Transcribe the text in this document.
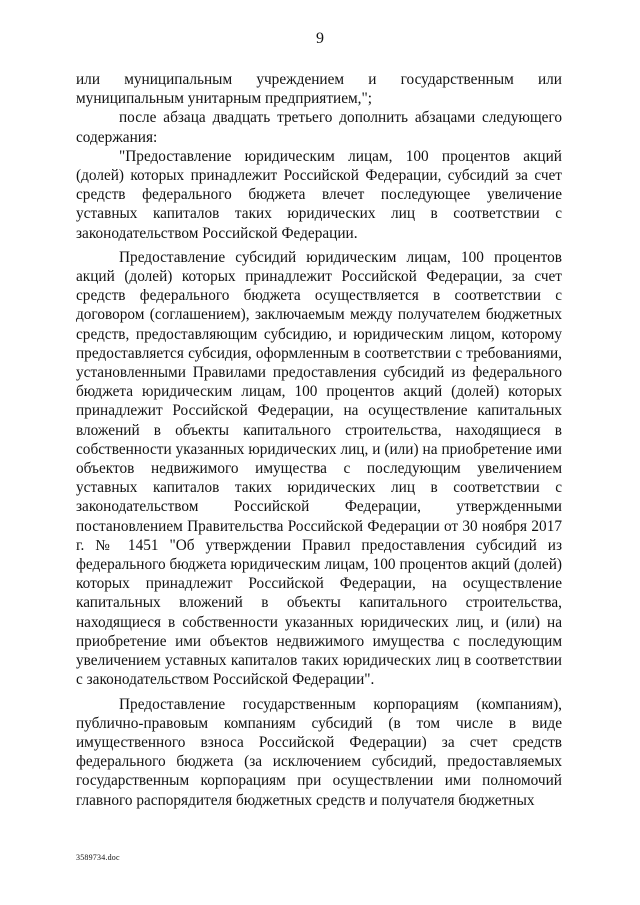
9

или муниципальным учреждением и государственным или муниципальным унитарным предприятием,";

после абзаца двадцать третьего дополнить абзацами следующего содержания:

"Предоставление юридическим лицам, 100 процентов акций (долей) которых принадлежит Российской Федерации, субсидий за счет средств федерального бюджета влечет последующее увеличение уставных капиталов таких юридических лиц в соответствии с законодательством Российской Федерации.

Предоставление субсидий юридическим лицам, 100 процентов акций (долей) которых принадлежит Российской Федерации, за счет средств федерального бюджета осуществляется в соответствии с договором (соглашением), заключаемым между получателем бюджетных средств, предоставляющим субсидию, и юридическим лицом, которому предоставляется субсидия, оформленным в соответствии с требованиями, установленными Правилами предоставления субсидий из федерального бюджета юридическим лицам, 100 процентов акций (долей) которых принадлежит Российской Федерации, на осуществление капитальных вложений в объекты капитального строительства, находящиеся в собственности указанных юридических лиц, и (или) на приобретение ими объектов недвижимого имущества с последующим увеличением уставных капиталов таких юридических лиц в соответствии с законодательством Российской Федерации, утвержденными постановлением Правительства Российской Федерации от 30 ноября 2017 г. № 1451 "Об утверждении Правил предоставления субсидий из федерального бюджета юридическим лицам, 100 процентов акций (долей) которых принадлежит Российской Федерации, на осуществление капитальных вложений в объекты капитального строительства, находящиеся в собственности указанных юридических лиц, и (или) на приобретение ими объектов недвижимого имущества с последующим увеличением уставных капиталов таких юридических лиц в соответствии с законодательством Российской Федерации".

Предоставление государственным корпорациям (компаниям), публично-правовым компаниям субсидий (в том числе в виде имущественного взноса Российской Федерации) за счет средств федерального бюджета (за исключением субсидий, предоставляемых государственным корпорациям при осуществлении ими полномочий главного распорядителя бюджетных средств и получателя бюджетных

3589734.doc
